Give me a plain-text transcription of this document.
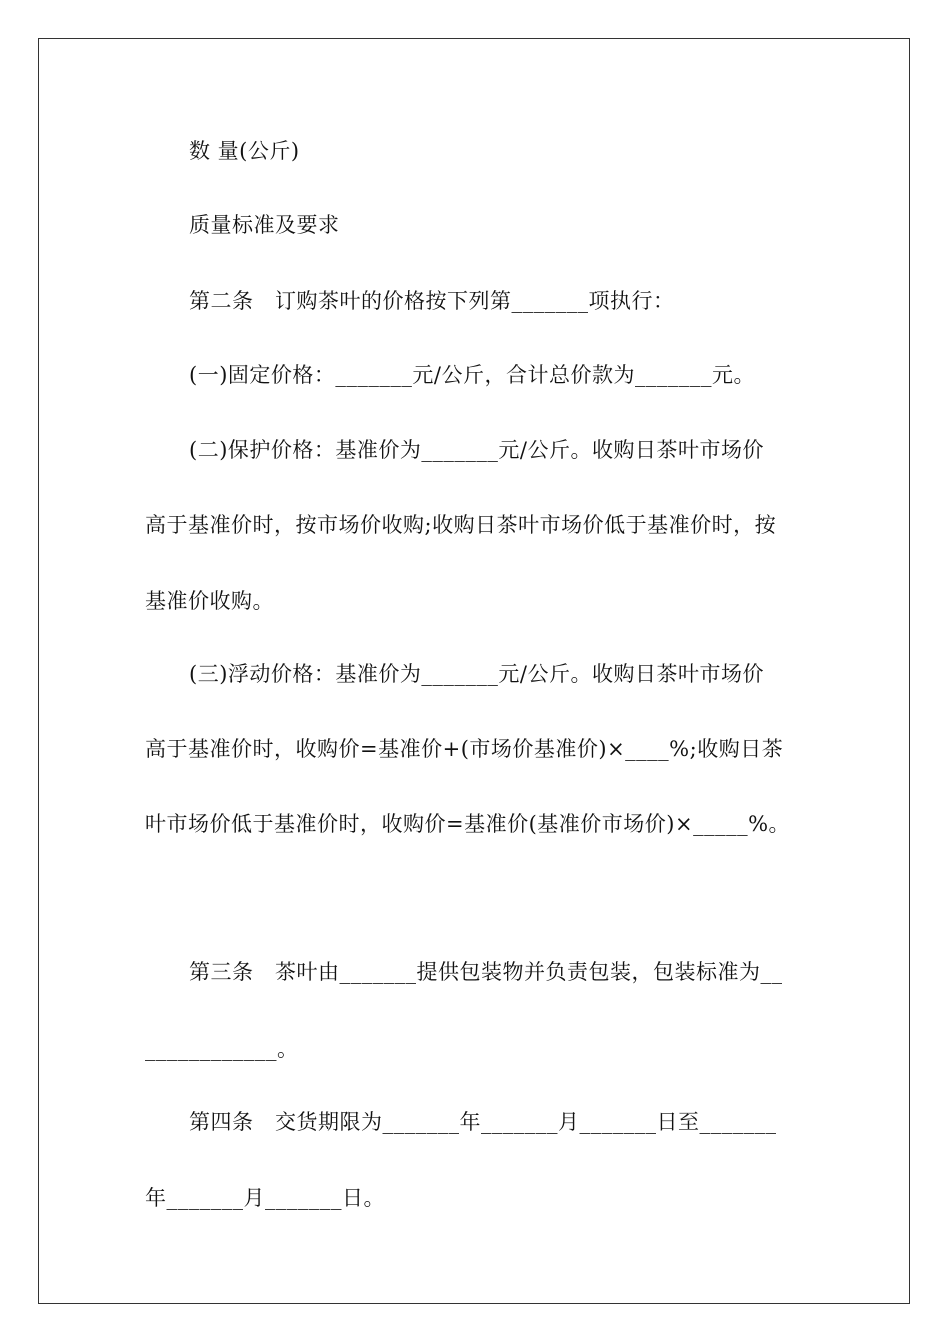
数 量(公斤)
质量标准及要求
第二条　订购茶叶的价格按下列第_______项执行：
(一)固定价格：_______元/公斤，合计总价款为_______元。
(二)保护价格：基准价为_______元/公斤。收购日茶叶市场价
高于基准价时，按市场价收购;收购日茶叶市场价低于基准价时，按
基准价收购。
(三)浮动价格：基准价为_______元/公斤。收购日茶叶市场价
高于基准价时，收购价=基准价+(市场价基准价)×____%;收购日茶
叶市场价低于基准价时，收购价=基准价(基准价市场价)×_____%。
第三条　茶叶由_______提供包装物并负责包装，包装标准为__
____________。
第四条　交货期限为_______年_______月_______日至_______
年_______月_______日。
